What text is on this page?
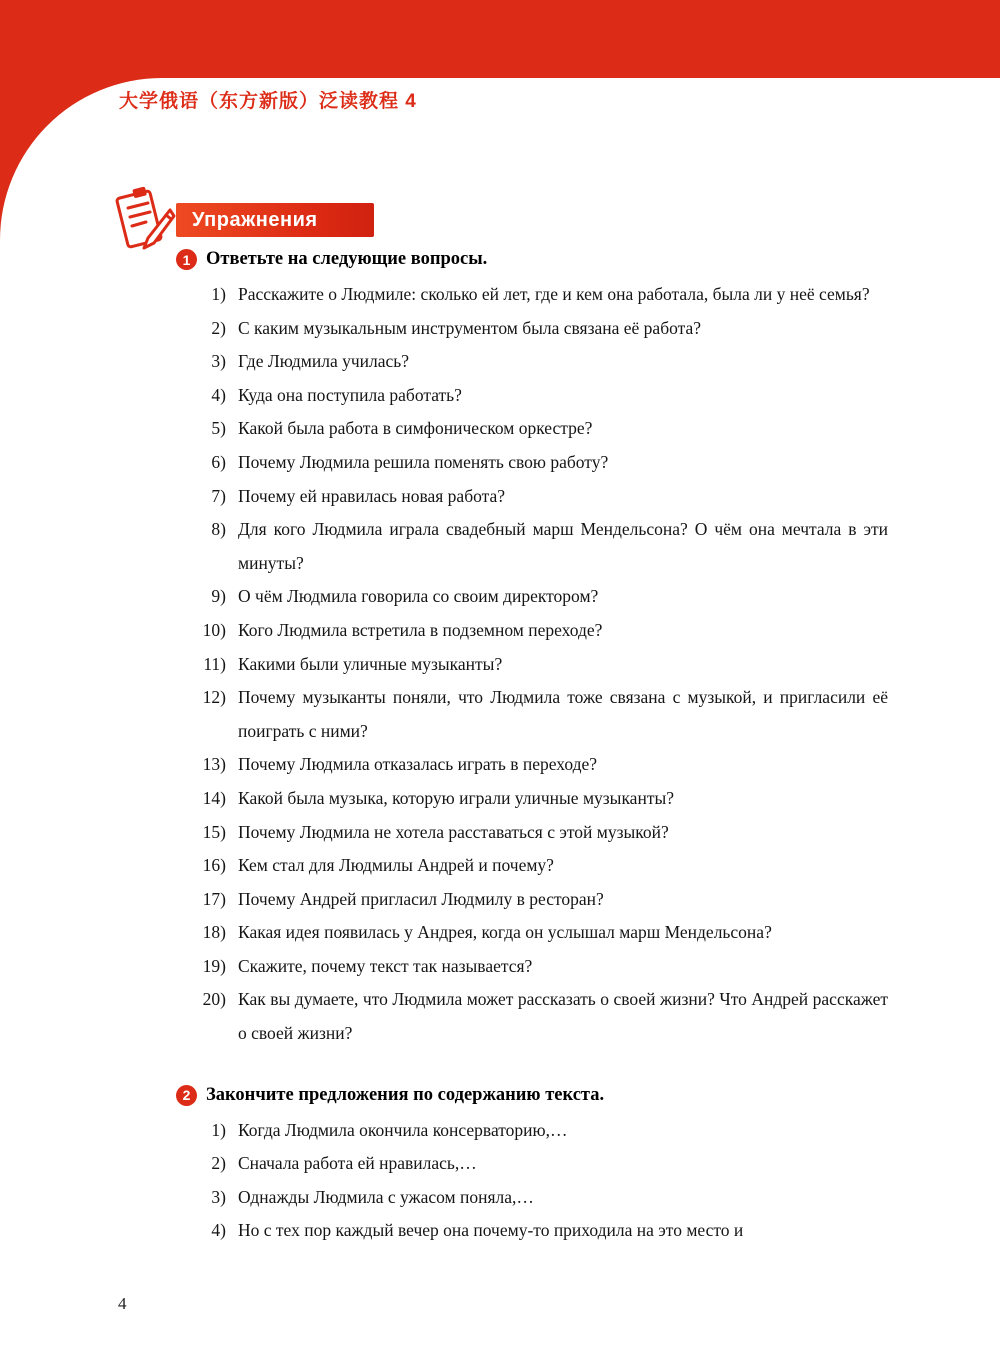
大学俄语（东方新版）泛读教程 4
Упражнения
1 Ответьте на следующие вопросы.
1) Расскажите о Людмиле: сколько ей лет, где и кем она работала, была ли у неё семья?
2) С каким музыкальным инструментом была связана её работа?
3) Где Людмила училась?
4) Куда она поступила работать?
5) Какой была работа в симфоническом оркестре?
6) Почему Людмила решила поменять свою работу?
7) Почему ей нравилась новая работа?
8) Для кого Людмила играла свадебный марш Мендельсона? О чём она мечтала в эти минуты?
9) О чём Людмила говорила со своим директором?
10) Кого Людмила встретила в подземном переходе?
11) Какими были уличные музыканты?
12) Почему музыканты поняли, что Людмила тоже связана с музыкой, и пригласили её поиграть с ними?
13) Почему Людмила отказалась играть в переходе?
14) Какой была музыка, которую играли уличные музыканты?
15) Почему Людмила не хотела расставаться с этой музыкой?
16) Кем стал для Людмилы Андрей и почему?
17) Почему Андрей пригласил Людмилу в ресторан?
18) Какая идея появилась у Андрея, когда он услышал марш Мендельсона?
19) Скажите, почему текст так называется?
20) Как вы думаете, что Людмила может рассказать о своей жизни? Что Андрей расскажет о своей жизни?
2 Закончите предложения по содержанию текста.
1) Когда Людмила окончила консерваторию,…
2) Сначала работа ей нравилась,…
3) Однажды Людмила с ужасом поняла,…
4) Но с тех пор каждый вечер она почему-то приходила на это место и
4
